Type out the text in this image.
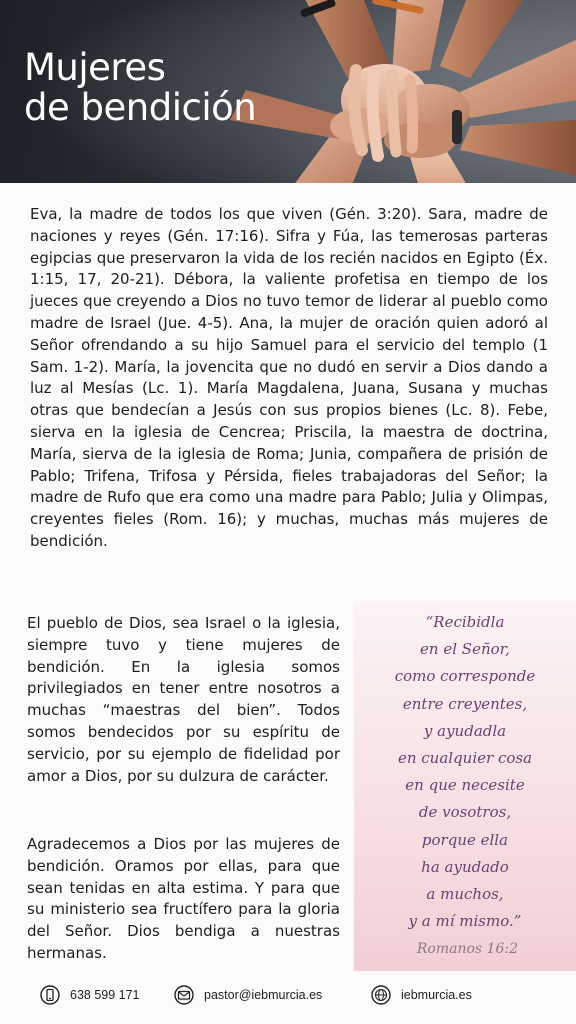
Mujeres
de bendición

Eva, la madre de todos los que viven (Gén. 3:20). Sara, madre de naciones y reyes (Gén. 17:16). Sifra y Fúa, las temerosas parteras egipcias que preservaron la vida de los recién nacidos en Egipto (Éx. 1:15, 17, 20-21). Débora, la valiente profetisa en tiempo de los jueces que creyendo a Dios no tuvo temor de liderar al pueblo como madre de Israel (Jue. 4-5). Ana, la mujer de oración quien adoró al Señor ofrendando a su hijo Samuel para el servicio del templo (1 Sam. 1-2). María, la jovencita que no dudó en servir a Dios dando a luz al Mesías (Lc. 1). María Magdalena, Juana, Susana y muchas otras que bendecían a Jesús con sus propios bienes (Lc. 8). Febe, sierva en la iglesia de Cencrea; Priscila, la maestra de doctrina, María, sierva de la iglesia de Roma; Junia, compañera de prisión de Pablo; Trifena, Trifosa y Pérsida, fieles trabajadoras del Señor; la madre de Rufo que era como una madre para Pablo; Julia y Olimpas, creyentes fieles (Rom. 16); y muchas, muchas más mujeres de bendición.

El pueblo de Dios, sea Israel o la iglesia, siempre tuvo y tiene mujeres de bendición. En la iglesia somos privilegiados en tener entre nosotros a muchas “maestras del bien”. Todos somos bendecidos por su espíritu de servicio, por su ejemplo de fidelidad por amor a Dios, por su dulzura de carácter.

Agradecemos a Dios por las mujeres de bendición. Oramos por ellas, para que sean tenidas en alta estima. Y para que su ministerio sea fructífero para la gloria del Señor. Dios bendiga a nuestras hermanas.

“Recibidla
en el Señor,
como corresponde
entre creyentes,
y ayudadla
en cualquier cosa
en que necesite
de vosotros,
porque ella
ha ayudado
a muchos,
y a mí mismo.”
Romanos 16:2
638 599 171	pastor@iebmurcia.es	iebmurcia.es
